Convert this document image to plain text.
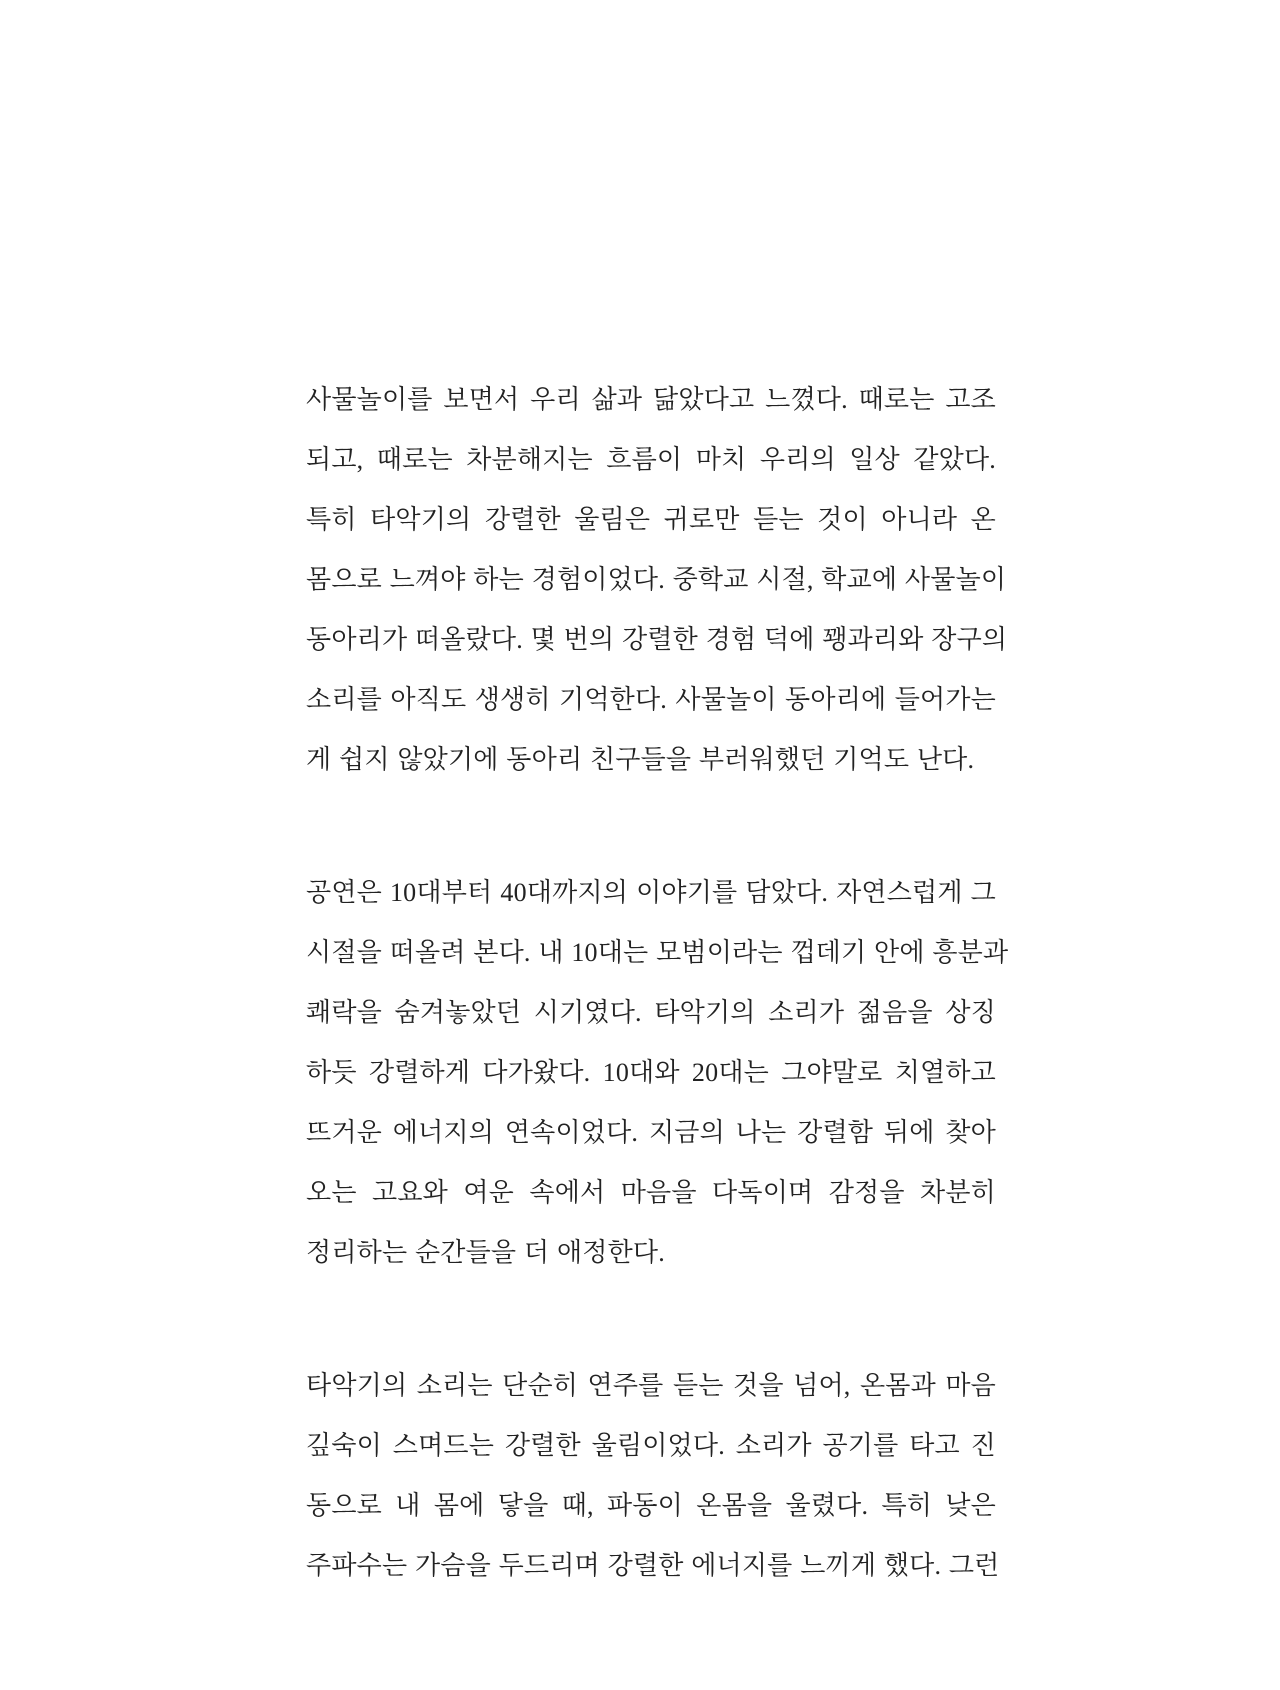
사물놀이를 보면서 우리 삶과 닮았다고 느꼈다. 때로는 고조
되고, 때로는 차분해지는 흐름이 마치 우리의 일상 같았다.
특히 타악기의 강렬한 울림은 귀로만 듣는 것이 아니라 온
몸으로 느껴야 하는 경험이었다. 중학교 시절, 학교에 사물놀이
동아리가 떠올랐다. 몇 번의 강렬한 경험 덕에 꽹과리와 장구의
소리를 아직도 생생히 기억한다. 사물놀이 동아리에 들어가는
게 쉽지 않았기에 동아리 친구들을 부러워했던 기억도 난다.
공연은 10대부터 40대까지의 이야기를 담았다. 자연스럽게 그
시절을 떠올려 본다. 내 10대는 모범이라는 껍데기 안에 흥분과
쾌락을 숨겨놓았던 시기였다. 타악기의 소리가 젊음을 상징
하듯 강렬하게 다가왔다. 10대와 20대는 그야말로 치열하고
뜨거운 에너지의 연속이었다. 지금의 나는 강렬함 뒤에 찾아
오는 고요와 여운 속에서 마음을 다독이며 감정을 차분히
정리하는 순간들을 더 애정한다.
타악기의 소리는 단순히 연주를 듣는 것을 넘어, 온몸과 마음
깊숙이 스며드는 강렬한 울림이었다. 소리가 공기를 타고 진
동으로 내 몸에 닿을 때, 파동이 온몸을 울렸다. 특히 낮은
주파수는 가슴을 두드리며 강렬한 에너지를 느끼게 했다. 그런
